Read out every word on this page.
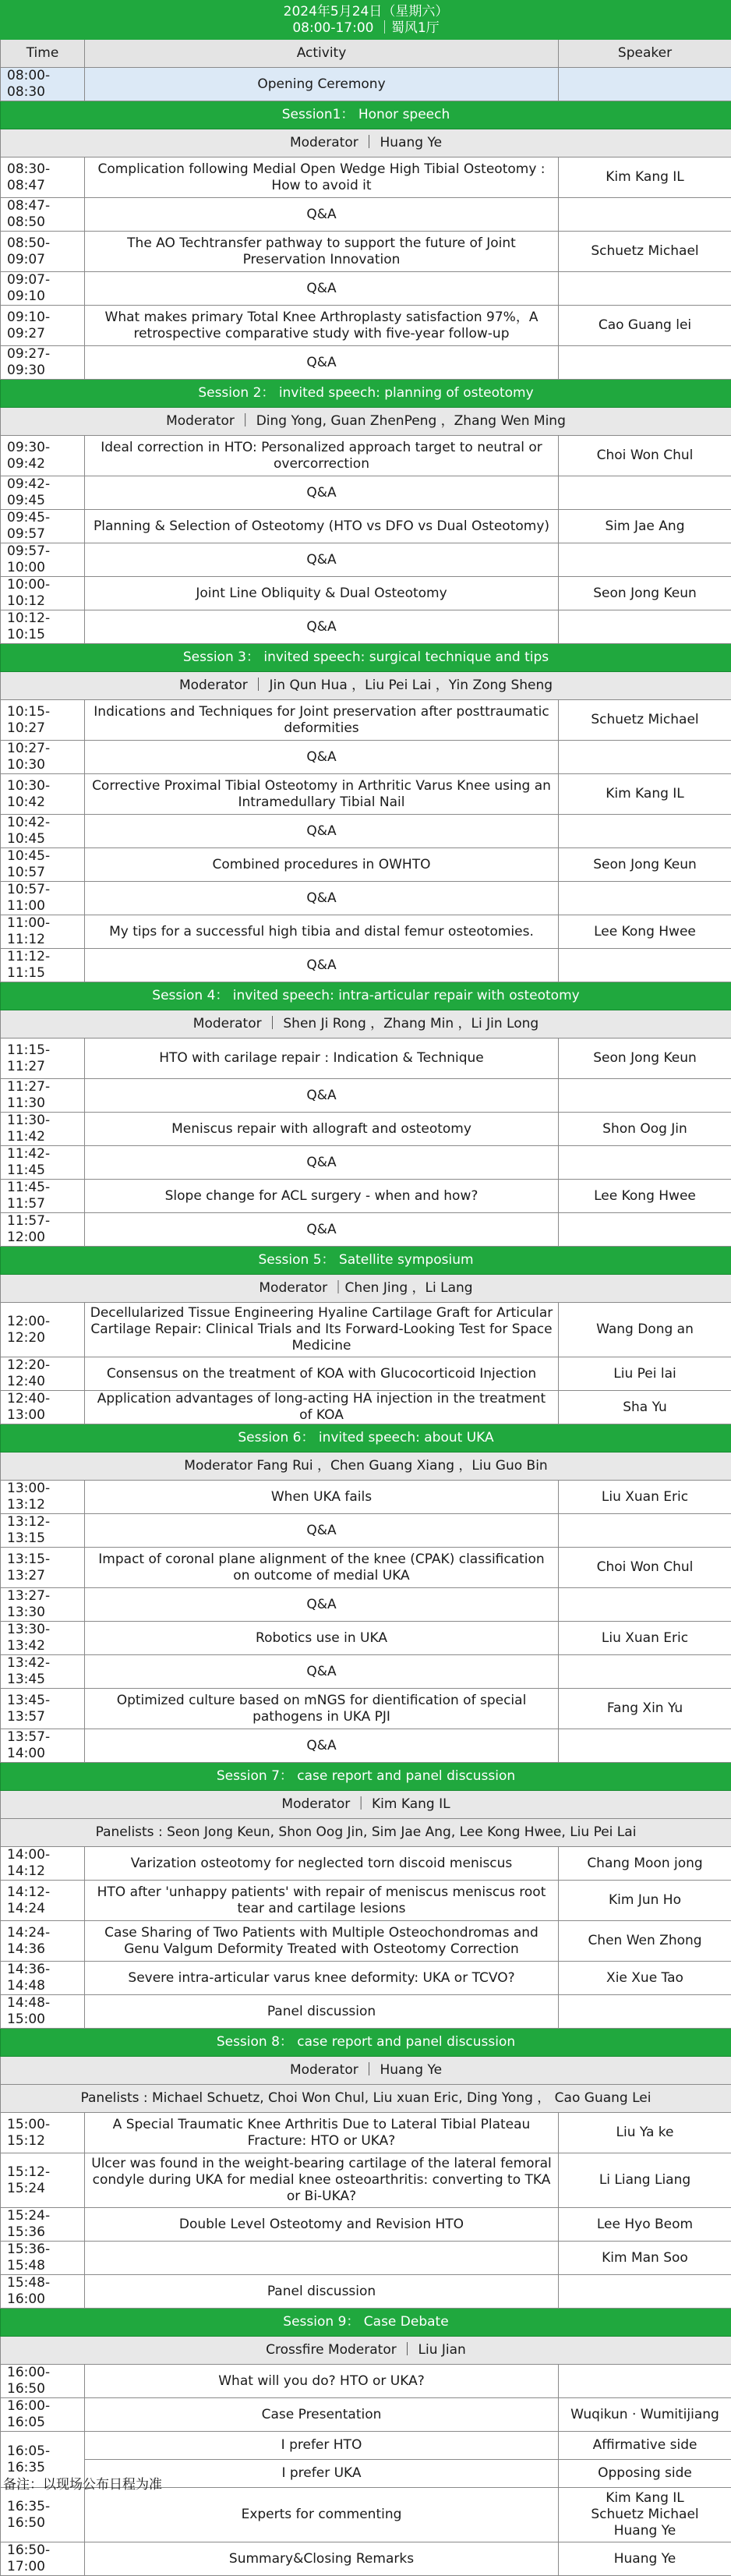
2024年5月24日（星期六）
08:00-17:00 ｜蜀风1厅		

Time	Activity	Speaker
08:00-08:30	Opening Ceremony	
Session1： Honor speech		
Moderator ｜ Huang Ye		
08:30-08:47	Complication following Medial Open Wedge High Tibial Osteotomy : How to avoid it	Kim Kang IL
08:47-08:50	Q&A	
08:50-09:07	The AO Techtransfer pathway to support the future of Joint Preservation Innovation	Schuetz Michael
09:07-09:10	Q&A	
09:10-09:27	What makes primary Total Knee Arthroplasty satisfaction 97%，A retrospective comparative study with five-year follow-up	Cao Guang lei
09:27-09:30	Q&A	
Session 2： invited speech: planning of osteotomy		
Moderator ｜ Ding Yong, Guan ZhenPeng ，Zhang Wen Ming		
09:30-09:42	Ideal correction in HTO: Personalized approach target to neutral or overcorrection	Choi Won Chul
09:42-09:45	Q&A	
09:45-09:57	Planning & Selection of Osteotomy (HTO vs DFO vs Dual Osteotomy)	Sim Jae Ang
09:57-10:00	Q&A	
10:00-10:12	Joint Line Obliquity & Dual Osteotomy	Seon Jong Keun
10:12-10:15	Q&A	
Session 3： invited speech: surgical technique and tips		
Moderator ｜ Jin Qun Hua ，Liu Pei Lai ，Yin Zong Sheng		
10:15-10:27	Indications and Techniques for Joint preservation after posttraumatic deformities	Schuetz Michael
10:27-10:30	Q&A	
10:30-10:42	Corrective Proximal Tibial Osteotomy in Arthritic Varus Knee using an Intramedullary Tibial Nail	Kim Kang IL
10:42-10:45	Q&A	
10:45-10:57	Combined procedures in OWHTO	Seon Jong Keun
10:57-11:00	Q&A	
11:00-11:12	My tips for a successful high tibia and distal femur osteotomies.	Lee Kong Hwee
11:12-11:15	Q&A	
Session 4： invited speech: intra-articular repair with osteotomy		
Moderator ｜ Shen Ji Rong ，Zhang Min ，Li Jin Long		
11:15-11:27	HTO with carilage repair : Indication & Technique	Seon Jong Keun
11:27-11:30	Q&A	
11:30-11:42	Meniscus repair with allograft and osteotomy	Shon Oog Jin
11:42-11:45	Q&A	
11:45-11:57	Slope change for ACL surgery - when and how?	Lee Kong Hwee
11:57-12:00	Q&A	
Session 5： Satellite symposium		
Moderator ｜Chen Jing ，Li Lang		
12:00-12:20	Decellularized Tissue Engineering Hyaline Cartilage Graft for Articular Cartilage Repair: Clinical Trials and Its Forward-Looking Test for Space Medicine	Wang Dong an
12:20-12:40	Consensus on the treatment of KOA with Glucocorticoid Injection	Liu Pei lai
12:40-13:00	Application advantages of long-acting HA injection in the treatment of KOA	Sha Yu
Session 6： invited speech: about UKA		
Moderator Fang Rui ，Chen Guang Xiang ，Liu Guo Bin		
13:00-13:12	When UKA fails	Liu Xuan Eric
13:12-13:15	Q&A	
13:15-13:27	Impact of coronal plane alignment of the knee (CPAK) classification on outcome of medial UKA	Choi Won Chul
13:27-13:30	Q&A	
13:30-13:42	Robotics use in UKA	Liu Xuan Eric
13:42-13:45	Q&A	
13:45-13:57	Optimized culture based on mNGS for dientification of special pathogens in UKA PJI	Fang Xin Yu
13:57-14:00	Q&A	
Session 7： case report and panel discussion		
Moderator ｜ Kim Kang IL		
Panelists : Seon Jong Keun, Shon Oog Jin, Sim Jae Ang, Lee Kong Hwee, Liu Pei Lai		
14:00-14:12	Varization osteotomy for neglected torn discoid meniscus	Chang Moon jong
14:12-14:24	HTO after 'unhappy patients' with repair of meniscus meniscus root tear and cartilage lesions	Kim Jun Ho
14:24-14:36	Case Sharing of Two Patients with Multiple Osteochondromas and Genu Valgum Deformity Treated with Osteotomy Correction	Chen Wen Zhong
14:36-14:48	Severe intra-articular varus knee deformity: UKA or TCVO?	Xie Xue Tao
14:48-15:00	Panel discussion	
Session 8： case report and panel discussion		
Moderator ｜ Huang Ye		
Panelists : Michael Schuetz, Choi Won Chul, Liu xuan Eric, Ding Yong ， Cao Guang Lei		
15:00-15:12	A Special Traumatic Knee Arthritis Due to Lateral Tibial Plateau Fracture: HTO or UKA?	Liu Ya ke
15:12-15:24	Ulcer was found in the weight-bearing cartilage of the lateral femoral condyle during UKA for medial knee osteoarthritis: converting to TKA or Bi-UKA?	Li Liang Liang
15:24-15:36	Double Level Osteotomy and Revision HTO	Lee Hyo Beom
15:36-15:48		Kim Man Soo
15:48-16:00	Panel discussion	
Session 9： Case Debate		
Crossfire Moderator ｜ Liu Jian		
16:00-16:50	What will you do? HTO or UKA?	
16:00-16:05	Case Presentation	Wuqikun · Wumitijiang
16:05-16:35	I prefer HTO	Affirmative side
	I prefer UKA	Opposing side
16:35-16:50	Experts for commenting	Kim Kang IL
Schuetz Michael
Huang Ye

16:50-17:00	Summary&Closing Remarks	Huang Ye
备注：以现场公布日程为准
